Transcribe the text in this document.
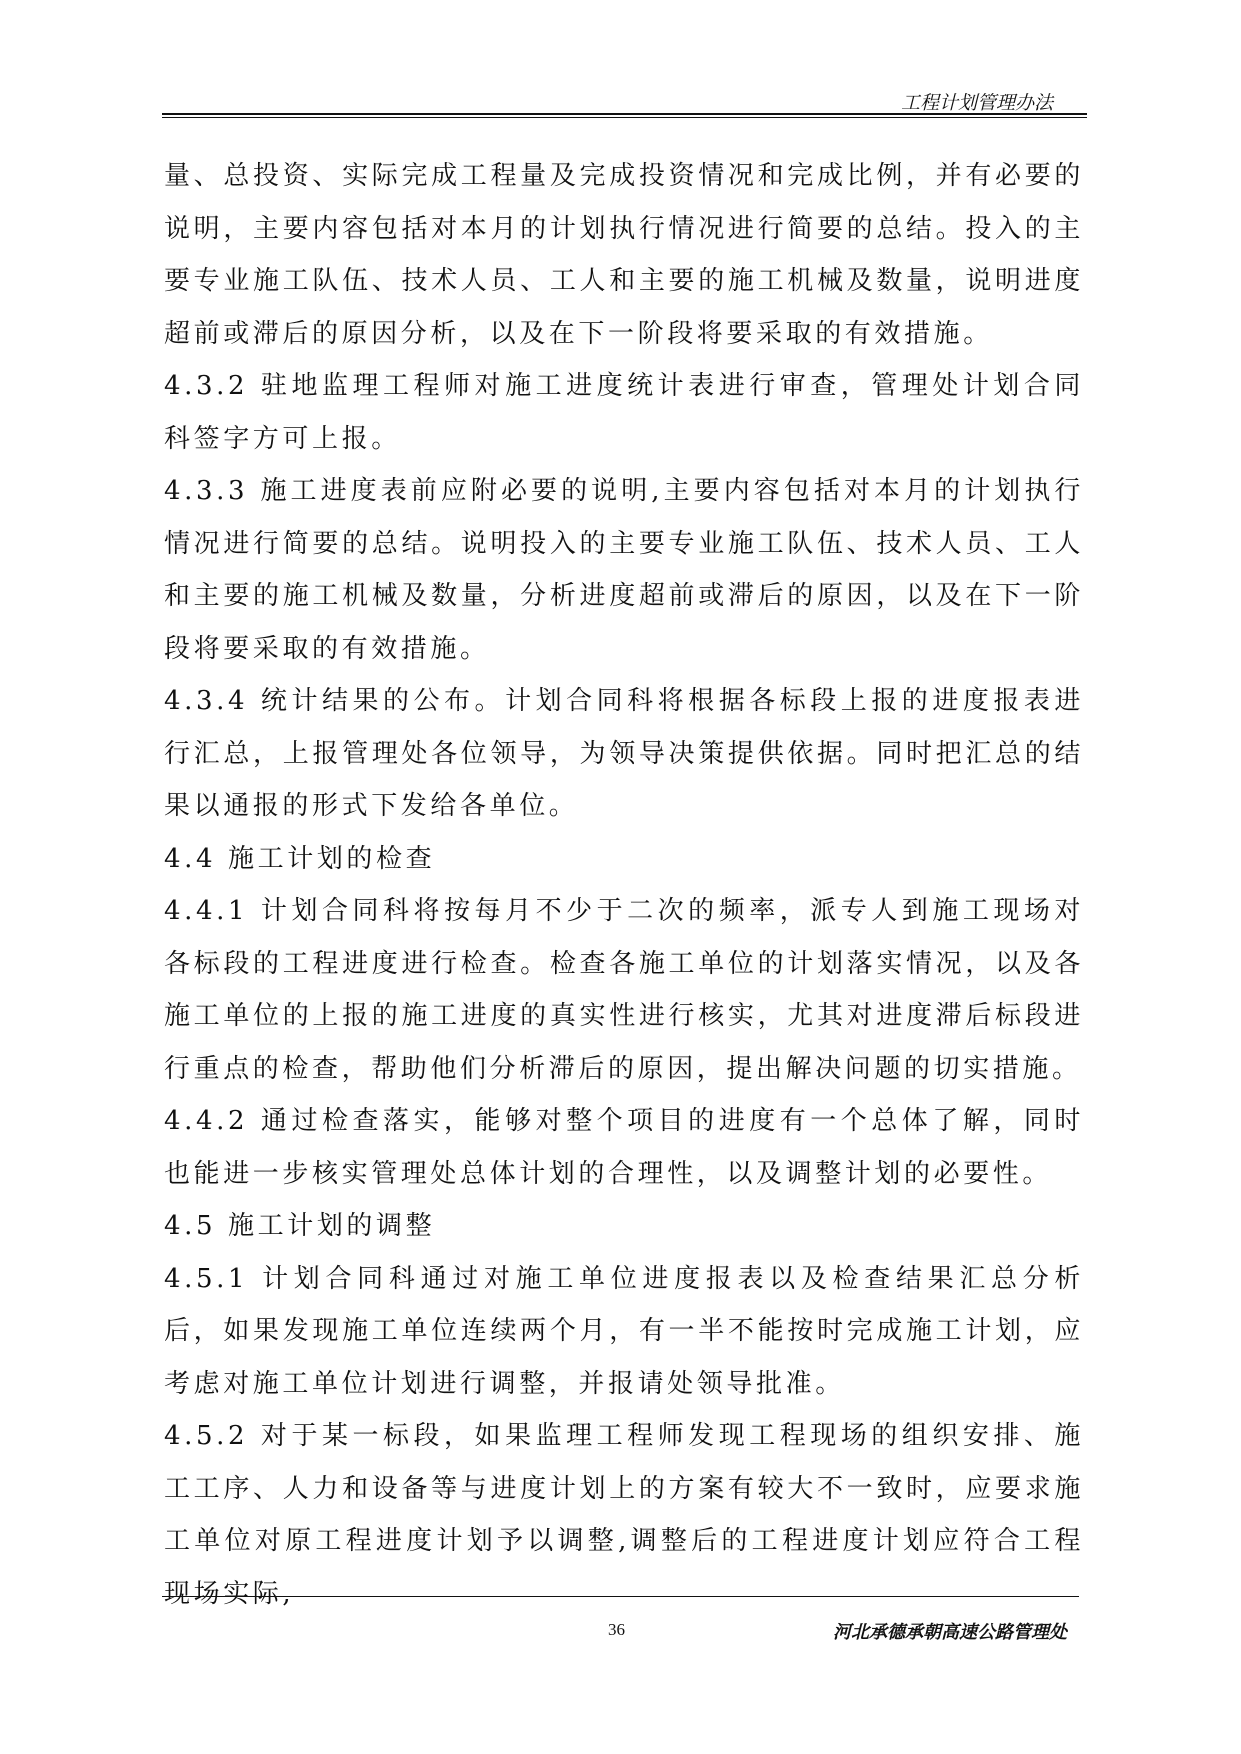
工程计划管理办法

量、总投资、实际完成工程量及完成投资情况和完成比例，并有必要的说明，主要内容包括对本月的计划执行情况进行简要的总结。投入的主要专业施工队伍、技术人员、工人和主要的施工机械及数量，说明进度超前或滞后的原因分析，以及在下一阶段将要采取的有效措施。

4.3.2 驻地监理工程师对施工进度统计表进行审查，管理处计划合同科签字方可上报。

4.3.3 施工进度表前应附必要的说明,主要内容包括对本月的计划执行情况进行简要的总结。说明投入的主要专业施工队伍、技术人员、工人和主要的施工机械及数量，分析进度超前或滞后的原因，以及在下一阶段将要采取的有效措施。

4.3.4 统计结果的公布。计划合同科将根据各标段上报的进度报表进行汇总，上报管理处各位领导，为领导决策提供依据。同时把汇总的结果以通报的形式下发给各单位。

4.4 施工计划的检查

4.4.1 计划合同科将按每月不少于二次的频率，派专人到施工现场对各标段的工程进度进行检查。检查各施工单位的计划落实情况，以及各施工单位的上报的施工进度的真实性进行核实，尤其对进度滞后标段进行重点的检查，帮助他们分析滞后的原因，提出解决问题的切实措施。

4.4.2 通过检查落实，能够对整个项目的进度有一个总体了解，同时也能进一步核实管理处总体计划的合理性，以及调整计划的必要性。

4.5 施工计划的调整

4.5.1 计划合同科通过对施工单位进度报表以及检查结果汇总分析后，如果发现施工单位连续两个月，有一半不能按时完成施工计划，应考虑对施工单位计划进行调整，并报请处领导批准。

4.5.2 对于某一标段，如果监理工程师发现工程现场的组织安排、施工工序、人力和设备等与进度计划上的方案有较大不一致时，应要求施工单位对原工程进度计划予以调整,调整后的工程进度计划应符合工程现场实际,

36	河北承德承朝高速公路管理处
